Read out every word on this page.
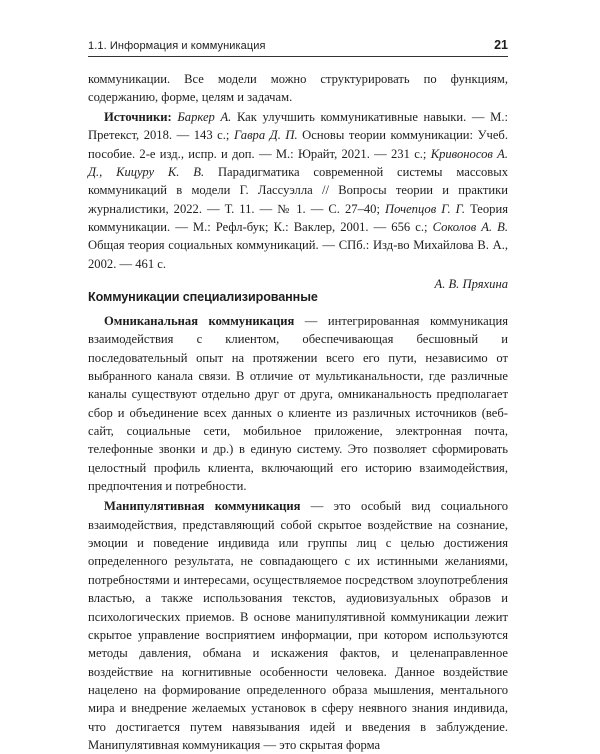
1.1. Информация и коммуникация	21

коммуникации. Все модели можно структурировать по функциям, содержанию, форме, целям и задачам.

Источники: Баркер А. Как улучшить коммуникативные навыки. — М.: Претекст, 2018. — 143 с.; Гавра Д. П. Основы теории коммуникации: Учеб. пособие. 2-е изд., испр. и доп. — М.: Юрайт, 2021. — 231 с.; Кривоносов А. Д., Кицуру К. В. Парадигматика современной системы массовых коммуникаций в модели Г. Лассуэлла // Вопросы теории и практики журналистики, 2022. — Т. 11. — № 1. — С. 27–40; Почепцов Г. Г. Теория коммуникации. — М.: Рефл-бук; К.: Ваклер, 2001. — 656 с.; Соколов А. В. Общая теория социальных коммуникаций. — СПб.: Изд-во Михайлова В. А., 2002. — 461 с.

А. В. Пряхина

Коммуникации специализированные

Омниканальная коммуникация — интегрированная коммуникация взаимодействия с клиентом, обеспечивающая бесшовный и последовательный опыт на протяжении всего его пути, независимо от выбранного канала связи. В отличие от мультиканальности, где различные каналы существуют отдельно друг от друга, омниканальность предполагает сбор и объединение всех данных о клиенте из различных источников (веб-сайт, социальные сети, мобильное приложение, электронная почта, телефонные звонки и др.) в единую систему. Это позволяет сформировать целостный профиль клиента, включающий его историю взаимодействия, предпочтения и потребности.

Манипулятивная коммуникация — это особый вид социального взаимодействия, представляющий собой скрытое воздействие на сознание, эмоции и поведение индивида или группы лиц с целью достижения определенного результата, не совпадающего с их истинными желаниями, потребностями и интересами, осуществляемое посредством злоупотребления властью, а также использования текстов, аудиовизуальных образов и психологических приемов. В основе манипулятивной коммуникации лежит скрытое управление восприятием информации, при котором используются методы давления, обмана и искажения фактов, и целенаправленное воздействие на когнитивные особенности человека. Данное воздействие нацелено на формирование определенного образа мышления, ментального мира и внедрение желаемых установок в сферу неявного знания индивида, что достигается путем навязывания идей и введения в заблуждение. Манипулятивная коммуникация — это скрытая форма
